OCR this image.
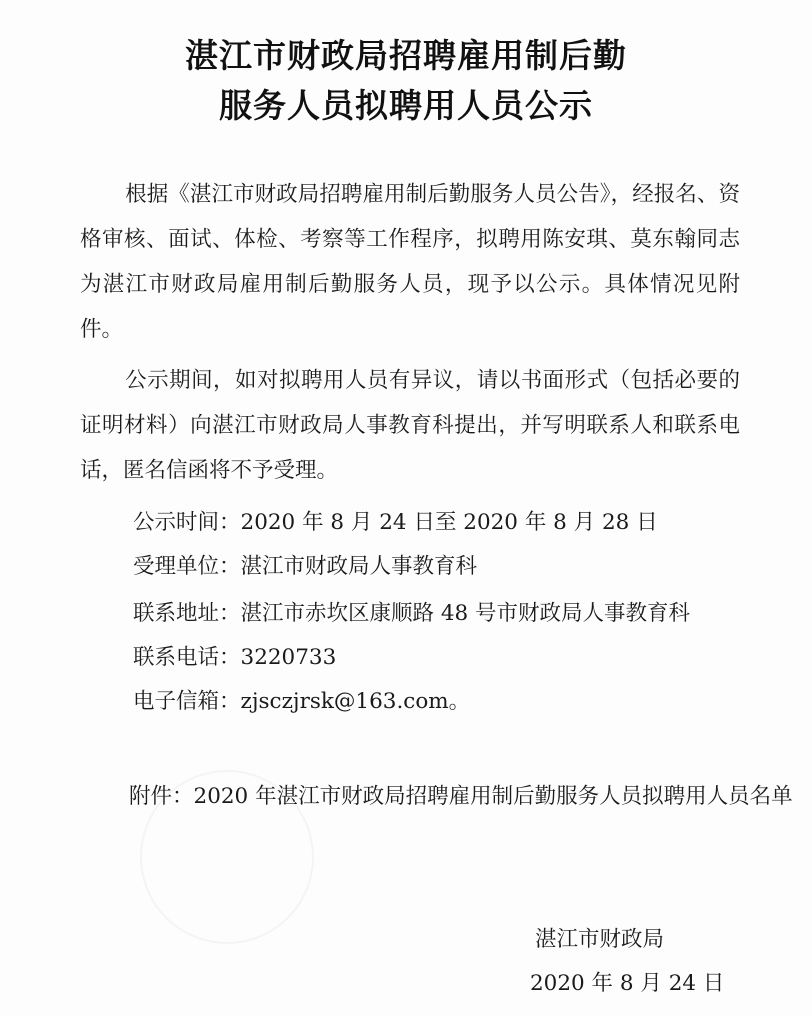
湛江市财政局招聘雇用制后勤
服务人员拟聘用人员公示
根据《湛江市财政局招聘雇用制后勤服务人员公告》，经报名、资格审核、面试、体检、考察等工作程序，拟聘用陈安琪、莫东翰同志为湛江市财政局雇用制后勤服务人员，现予以公示。具体情况见附件。
公示期间，如对拟聘用人员有异议，请以书面形式（包括必要的证明材料）向湛江市财政局人事教育科提出，并写明联系人和联系电话，匿名信函将不予受理。
公示时间：2020 年 8 月 24 日至 2020 年 8 月 28 日
受理单位：湛江市财政局人事教育科
联系地址：湛江市赤坎区康顺路 48 号市财政局人事教育科
联系电话：3220733
电子信箱：zjsczjrsk@163.com。
附件：2020 年湛江市财政局招聘雇用制后勤服务人员拟聘用人员名单
湛江市财政局
2020 年 8 月 24 日
